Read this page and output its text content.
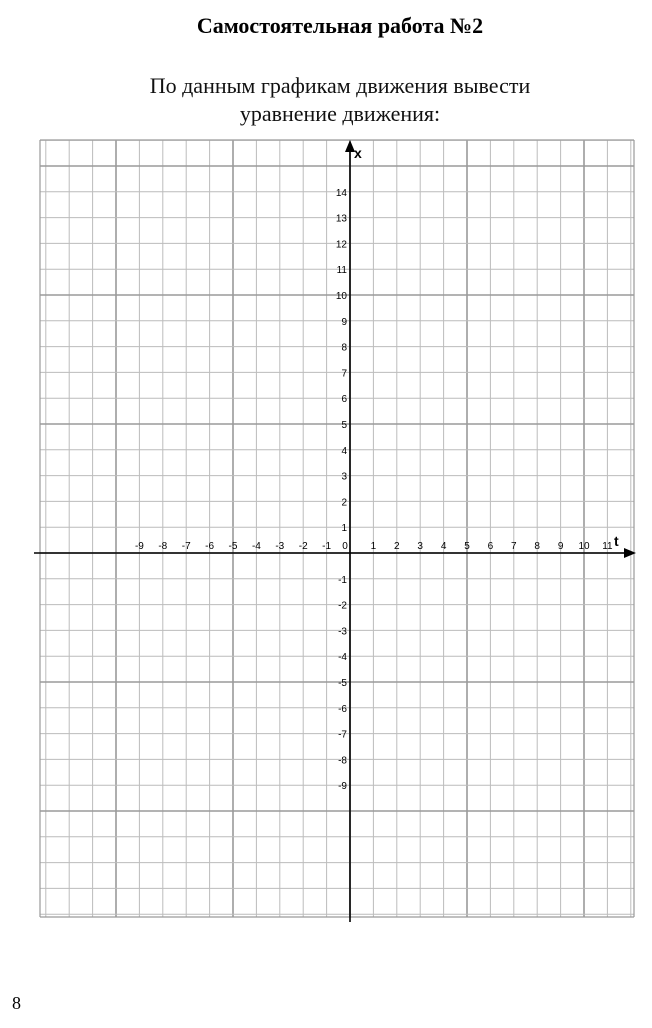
Самостоятельная работа №2
По данным графикам движения вывести
уравнение движения:
-9 -8 -7 -6 -5 -4 -3 -2 -1 0 1 2 3 4 5 6 7 8 9 10 11
1
2
3
4
5
6
7
8
9
10
11
12
13
14
-1
-2
-3
-4
-5
-6
-7
-8
-9
t
x
8
